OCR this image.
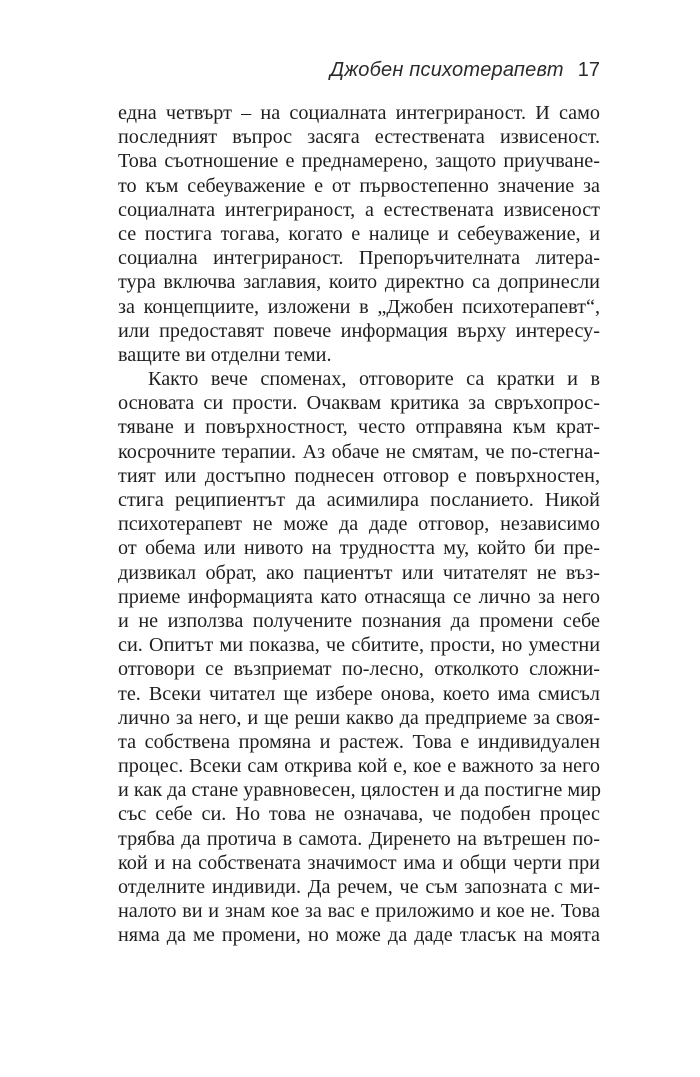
Джобен психотерапевт 17
една четвърт – на социалната интегрираност. И само
последният въпрос засяга естествената извисеност.
Това съотношение е преднамерено, защото приучване-
то към себеуважение е от първостепенно значение за
социалната интегрираност, а естествената извисеност
се постига тогава, когато е налице и себеуважение, и
социална интегрираност. Препоръчителната литера-
тура включва заглавия, които директно са допринесли
за концепциите, изложени в „Джобен психотерапевт“,
или предоставят повече информация върху интересу-
ващите ви отделни теми.
Както вече споменах, отговорите са кратки и в
основата си прости. Очаквам критика за свръхопрос-
тяване и повърхностност, често отправяна към крат-
косрочните терапии. Аз обаче не смятам, че по-стегна-
тият или достъпно поднесен отговор е повърхностен,
стига реципиентът да асимилира посланието. Никой
психотерапевт не може да даде отговор, независимо
от обема или нивото на трудността му, който би пре-
дизвикал обрат, ако пациентът или читателят не въз-
приеме информацията като отнасяща се лично за него
и не използва получените познания да промени себе
си. Опитът ми показва, че сбитите, прости, но уместни
отговори се възприемат по-лесно, отколкото сложни-
те. Всеки читател ще избере онова, което има смисъл
лично за него, и ще реши какво да предприеме за своя-
та собствена промяна и растеж. Това е индивидуален
процес. Всеки сам открива кой е, кое е важното за него
и как да стане уравновесен, цялостен и да постигне мир
със себе си. Но това не означава, че подобен процес
трябва да протича в самота. Диренето на вътрешен по-
кой и на собствената значимост има и общи черти при
отделните индивиди. Да речем, че съм запозната с ми-
налото ви и знам кое за вас е приложимо и кое не. Това
няма да ме промени, но може да даде тласък на моята
